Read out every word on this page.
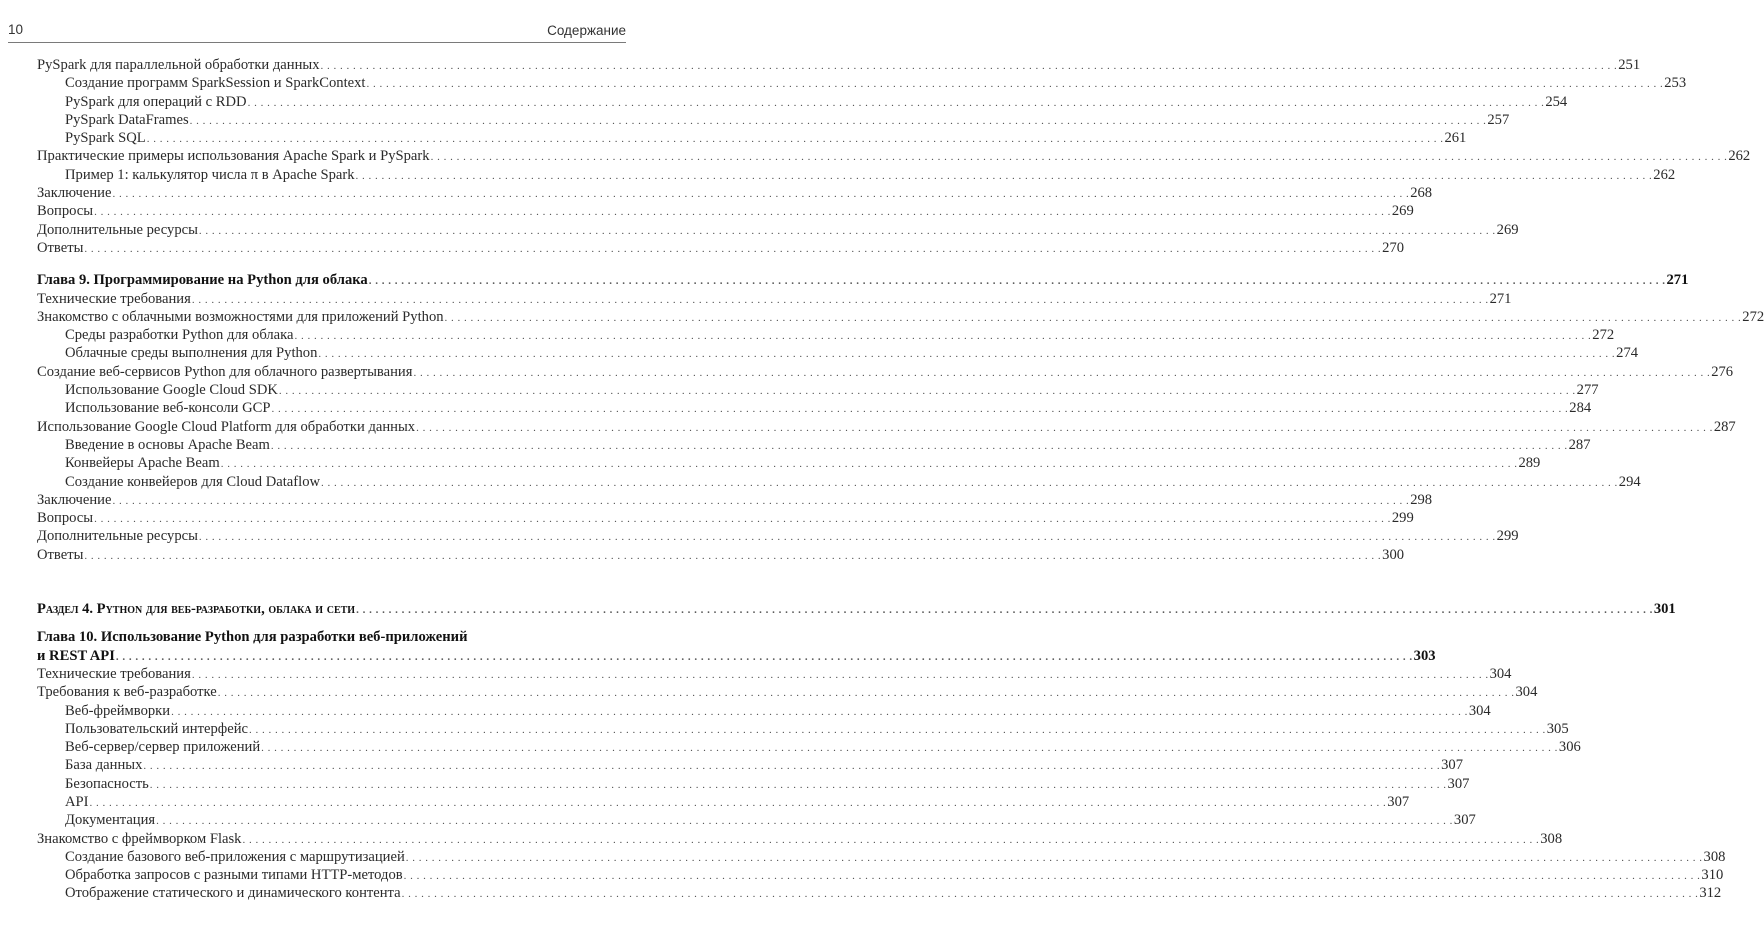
10	Содержание
PySpark для параллельной обработки данных . . . . . . . . . . . . . . . . . . . . . . . . . . . . . . . . . . . . . . . . . . . . . . . . . . . . . . . . . . . . . . . . . . . . . . . . . . . . . . . . . . . . . . . . . . . . . . . . . . . . . . . . . . . . . . . . . . . . . . . . . . . . . . . . . . . . . . . . . . . . . . . . . . . . . . . . . . . . . . . . . . . . . . . . . . . . . . . . . . . . . . . . . . . . . . . . . . . . . . . . 251
Создание программ SparkSession и SparkContext . . . . . . . . . . . . . . . . . . . . . . . . . . . . . . . . . . . . . . . . . . . . . . . . . . . . . . . . . . . . . . . . . . . . . . . . . . . . . . . . . . . . . . . . . . . . . . . . . . . . . . . . . . . . . . . . . . . . . . . . . . . . . . . . . . . . . . . . . . . . . . . . . . . . . . . . . . . . . . . . . . . . . . . . . . . . . . . . . . . . . . . . . . . . . . . . . . . . . . . . 253
PySpark для операций с RDD . . . . . . . . . . . . . . . . . . . . . . . . . . . . . . . . . . . . . . . . . . . . . . . . . . . . . . . . . . . . . . . . . . . . . . . . . . . . . . . . . . . . . . . . . . . . . . . . . . . . . . . . . . . . . . . . . . . . . . . . . . . . . . . . . . . . . . . . . . . . . . . . . . . . . . . . . . . . . . . . . . . . . . . . . . . . . . . . . . . . . . . . . . . . . . . . . . . . . . . . 254
PySpark DataFrames . . . . . . . . . . . . . . . . . . . . . . . . . . . . . . . . . . . . . . . . . . . . . . . . . . . . . . . . . . . . . . . . . . . . . . . . . . . . . . . . . . . . . . . . . . . . . . . . . . . . . . . . . . . . . . . . . . . . . . . . . . . . . . . . . . . . . . . . . . . . . . . . . . . . . . . . . . . . . . . . . . . . . . . . . . . . . . . . . . . . . . . . . . . . . . . . . . . . . . . . 257
PySpark SQL . . . . . . . . . . . . . . . . . . . . . . . . . . . . . . . . . . . . . . . . . . . . . . . . . . . . . . . . . . . . . . . . . . . . . . . . . . . . . . . . . . . . . . . . . . . . . . . . . . . . . . . . . . . . . . . . . . . . . . . . . . . . . . . . . . . . . . . . . . . . . . . . . . . . . . . . . . . . . . . . . . . . . . . . . . . . . . . . . . . . . . . . . . . . . . . . . . . . . . . . 261
Практические примеры использования Apache Spark и PySpark . . . . . . . . . . . . . . . . . . . . . . . . . . . . . . . . . . . . . . . . . . . . . . . . . . . . . . . . . . . . . . . . . . . . . . . . . . . . . . . . . . . . . . . . . . . . . . . . . . . . . . . . . . . . . . . . . . . . . . . . . . . . . . . . . . . . . . . . . . . . . . . . . . . . . . . . . . . . . . . . . . . . . . . . . . . . . . . . . . . . . . . . . . . . . . . . . . . . . . . . 262
Пример 1: калькулятор числа π в Apache Spark . . . . . . . . . . . . . . . . . . . . . . . . . . . . . . . . . . . . . . . . . . . . . . . . . . . . . . . . . . . . . . . . . . . . . . . . . . . . . . . . . . . . . . . . . . . . . . . . . . . . . . . . . . . . . . . . . . . . . . . . . . . . . . . . . . . . . . . . . . . . . . . . . . . . . . . . . . . . . . . . . . . . . . . . . . . . . . . . . . . . . . . . . . . . . . . . . . . . . . . . 262
Заключение . . . . . . . . . . . . . . . . . . . . . . . . . . . . . . . . . . . . . . . . . . . . . . . . . . . . . . . . . . . . . . . . . . . . . . . . . . . . . . . . . . . . . . . . . . . . . . . . . . . . . . . . . . . . . . . . . . . . . . . . . . . . . . . . . . . . . . . . . . . . . . . . . . . . . . . . . . . . . . . . . . . . . . . . . . . . . . . . . . . . . . . . . . . . . . . . . . . . . . . . 268
Вопросы . . . . . . . . . . . . . . . . . . . . . . . . . . . . . . . . . . . . . . . . . . . . . . . . . . . . . . . . . . . . . . . . . . . . . . . . . . . . . . . . . . . . . . . . . . . . . . . . . . . . . . . . . . . . . . . . . . . . . . . . . . . . . . . . . . . . . . . . . . . . . . . . . . . . . . . . . . . . . . . . . . . . . . . . . . . . . . . . . . . . . . . . . . . . . . . . . . . . . . . . 269
Дополнительные ресурсы . . . . . . . . . . . . . . . . . . . . . . . . . . . . . . . . . . . . . . . . . . . . . . . . . . . . . . . . . . . . . . . . . . . . . . . . . . . . . . . . . . . . . . . . . . . . . . . . . . . . . . . . . . . . . . . . . . . . . . . . . . . . . . . . . . . . . . . . . . . . . . . . . . . . . . . . . . . . . . . . . . . . . . . . . . . . . . . . . . . . . . . . . . . . . . . . . . . . . . . . 269
Ответы . . . . . . . . . . . . . . . . . . . . . . . . . . . . . . . . . . . . . . . . . . . . . . . . . . . . . . . . . . . . . . . . . . . . . . . . . . . . . . . . . . . . . . . . . . . . . . . . . . . . . . . . . . . . . . . . . . . . . . . . . . . . . . . . . . . . . . . . . . . . . . . . . . . . . . . . . . . . . . . . . . . . . . . . . . . . . . . . . . . . . . . . . . . . . . . . . . . . . . . . 270
Глава 9. Программирование на Python для облака . . . . . . . . . . . . . . . . . . . . . . . . . . . . . . . . . . . . . . . . . . . . . . . . . . . . . . . . . . . . . . . . . . . . . . . . . . . . . . . . . . . . . . . . . . . . . . . . . . . . . . . . . . . . . . . . . . . . . . . . . . . . . . . . . . . . . . . . . . . . . . . . . . . . . . . . . . . . . . . . . . . . . . . . . . . . . . . . . . . . . . . . . . . . . . . . . . . . . . . . 271
Технические требования . . . . . . . . . . . . . . . . . . . . . . . . . . . . . . . . . . . . . . . . . . . . . . . . . . . . . . . . . . . . . . . . . . . . . . . . . . . . . . . . . . . . . . . . . . . . . . . . . . . . . . . . . . . . . . . . . . . . . . . . . . . . . . . . . . . . . . . . . . . . . . . . . . . . . . . . . . . . . . . . . . . . . . . . . . . . . . . . . . . . . . . . . . . . . . . . . . . . . . . . 271
Знакомство с облачными возможностями для приложений Python . . . . . . . . . . . . . . . . . . . . . . . . . . . . . . . . . . . . . . . . . . . . . . . . . . . . . . . . . . . . . . . . . . . . . . . . . . . . . . . . . . . . . . . . . . . . . . . . . . . . . . . . . . . . . . . . . . . . . . . . . . . . . . . . . . . . . . . . . . . . . . . . . . . . . . . . . . . . . . . . . . . . . . . . . . . . . . . . . . . . . . . . . . . . . . . . . . . . . . . . 272
Среды разработки Python для облака . . . . . . . . . . . . . . . . . . . . . . . . . . . . . . . . . . . . . . . . . . . . . . . . . . . . . . . . . . . . . . . . . . . . . . . . . . . . . . . . . . . . . . . . . . . . . . . . . . . . . . . . . . . . . . . . . . . . . . . . . . . . . . . . . . . . . . . . . . . . . . . . . . . . . . . . . . . . . . . . . . . . . . . . . . . . . . . . . . . . . . . . . . . . . . . . . . . . . . . . 272
Облачные среды выполнения для Python . . . . . . . . . . . . . . . . . . . . . . . . . . . . . . . . . . . . . . . . . . . . . . . . . . . . . . . . . . . . . . . . . . . . . . . . . . . . . . . . . . . . . . . . . . . . . . . . . . . . . . . . . . . . . . . . . . . . . . . . . . . . . . . . . . . . . . . . . . . . . . . . . . . . . . . . . . . . . . . . . . . . . . . . . . . . . . . . . . . . . . . . . . . . . . . . . . . . . . . . 274
Создание веб-сервисов Python для облачного развертывания . . . . . . . . . . . . . . . . . . . . . . . . . . . . . . . . . . . . . . . . . . . . . . . . . . . . . . . . . . . . . . . . . . . . . . . . . . . . . . . . . . . . . . . . . . . . . . . . . . . . . . . . . . . . . . . . . . . . . . . . . . . . . . . . . . . . . . . . . . . . . . . . . . . . . . . . . . . . . . . . . . . . . . . . . . . . . . . . . . . . . . . . . . . . . . . . . . . . . . . . 276
Использование Google Cloud SDK . . . . . . . . . . . . . . . . . . . . . . . . . . . . . . . . . . . . . . . . . . . . . . . . . . . . . . . . . . . . . . . . . . . . . . . . . . . . . . . . . . . . . . . . . . . . . . . . . . . . . . . . . . . . . . . . . . . . . . . . . . . . . . . . . . . . . . . . . . . . . . . . . . . . . . . . . . . . . . . . . . . . . . . . . . . . . . . . . . . . . . . . . . . . . . . . . . . . . . . . 277
Использование веб-консоли GCP . . . . . . . . . . . . . . . . . . . . . . . . . . . . . . . . . . . . . . . . . . . . . . . . . . . . . . . . . . . . . . . . . . . . . . . . . . . . . . . . . . . . . . . . . . . . . . . . . . . . . . . . . . . . . . . . . . . . . . . . . . . . . . . . . . . . . . . . . . . . . . . . . . . . . . . . . . . . . . . . . . . . . . . . . . . . . . . . . . . . . . . . . . . . . . . . . . . . . . . . 284
Использование Google Cloud Platform для обработки данных . . . . . . . . . . . . . . . . . . . . . . . . . . . . . . . . . . . . . . . . . . . . . . . . . . . . . . . . . . . . . . . . . . . . . . . . . . . . . . . . . . . . . . . . . . . . . . . . . . . . . . . . . . . . . . . . . . . . . . . . . . . . . . . . . . . . . . . . . . . . . . . . . . . . . . . . . . . . . . . . . . . . . . . . . . . . . . . . . . . . . . . . . . . . . . . . . . . . . . . . 287
Введение в основы Apache Beam . . . . . . . . . . . . . . . . . . . . . . . . . . . . . . . . . . . . . . . . . . . . . . . . . . . . . . . . . . . . . . . . . . . . . . . . . . . . . . . . . . . . . . . . . . . . . . . . . . . . . . . . . . . . . . . . . . . . . . . . . . . . . . . . . . . . . . . . . . . . . . . . . . . . . . . . . . . . . . . . . . . . . . . . . . . . . . . . . . . . . . . . . . . . . . . . . . . . . . . . 287
Конвейеры Apache Beam . . . . . . . . . . . . . . . . . . . . . . . . . . . . . . . . . . . . . . . . . . . . . . . . . . . . . . . . . . . . . . . . . . . . . . . . . . . . . . . . . . . . . . . . . . . . . . . . . . . . . . . . . . . . . . . . . . . . . . . . . . . . . . . . . . . . . . . . . . . . . . . . . . . . . . . . . . . . . . . . . . . . . . . . . . . . . . . . . . . . . . . . . . . . . . . . . . . . . . . . 289
Создание конвейеров для Cloud Dataflow . . . . . . . . . . . . . . . . . . . . . . . . . . . . . . . . . . . . . . . . . . . . . . . . . . . . . . . . . . . . . . . . . . . . . . . . . . . . . . . . . . . . . . . . . . . . . . . . . . . . . . . . . . . . . . . . . . . . . . . . . . . . . . . . . . . . . . . . . . . . . . . . . . . . . . . . . . . . . . . . . . . . . . . . . . . . . . . . . . . . . . . . . . . . . . . . . . . . . . . . 294
Заключение . . . . . . . . . . . . . . . . . . . . . . . . . . . . . . . . . . . . . . . . . . . . . . . . . . . . . . . . . . . . . . . . . . . . . . . . . . . . . . . . . . . . . . . . . . . . . . . . . . . . . . . . . . . . . . . . . . . . . . . . . . . . . . . . . . . . . . . . . . . . . . . . . . . . . . . . . . . . . . . . . . . . . . . . . . . . . . . . . . . . . . . . . . . . . . . . . . . . . . . . 298
Вопросы . . . . . . . . . . . . . . . . . . . . . . . . . . . . . . . . . . . . . . . . . . . . . . . . . . . . . . . . . . . . . . . . . . . . . . . . . . . . . . . . . . . . . . . . . . . . . . . . . . . . . . . . . . . . . . . . . . . . . . . . . . . . . . . . . . . . . . . . . . . . . . . . . . . . . . . . . . . . . . . . . . . . . . . . . . . . . . . . . . . . . . . . . . . . . . . . . . . . . . . . 299
Дополнительные ресурсы . . . . . . . . . . . . . . . . . . . . . . . . . . . . . . . . . . . . . . . . . . . . . . . . . . . . . . . . . . . . . . . . . . . . . . . . . . . . . . . . . . . . . . . . . . . . . . . . . . . . . . . . . . . . . . . . . . . . . . . . . . . . . . . . . . . . . . . . . . . . . . . . . . . . . . . . . . . . . . . . . . . . . . . . . . . . . . . . . . . . . . . . . . . . . . . . . . . . . . . . 299
Ответы . . . . . . . . . . . . . . . . . . . . . . . . . . . . . . . . . . . . . . . . . . . . . . . . . . . . . . . . . . . . . . . . . . . . . . . . . . . . . . . . . . . . . . . . . . . . . . . . . . . . . . . . . . . . . . . . . . . . . . . . . . . . . . . . . . . . . . . . . . . . . . . . . . . . . . . . . . . . . . . . . . . . . . . . . . . . . . . . . . . . . . . . . . . . . . . . . . . . . . . . 300
Раздел 4. Python для веб-разработки, облака и сети . . . . . . . . . . . . . . . . . . . . . . . . . . . . . . . . . . . . . . . . . . . . . . . . . . . . . . . . . . . . . . . . . . . . . . . . . . . . . . . . . . . . . . . . . . . . . . . . . . . . . . . . . . . . . . . . . . . . . . . . . . . . . . . . . . . . . . . . . . . . . . . . . . . . . . . . . . . . . . . . . . . . . . . . . . . . . . . . . . . . . . . . . . . . . . . . . . . . . . . . 301
Глава 10. Использование Python для разработки веб-приложений
и REST API . . . . . . . . . . . . . . . . . . . . . . . . . . . . . . . . . . . . . . . . . . . . . . . . . . . . . . . . . . . . . . . . . . . . . . . . . . . . . . . . . . . . . . . . . . . . . . . . . . . . . . . . . . . . . . . . . . . . . . . . . . . . . . . . . . . . . . . . . . . . . . . . . . . . . . . . . . . . . . . . . . . . . . . . . . . . . . . . . . . . . . . . . . . . . . . . . . . . . . . . 303
Технические требования . . . . . . . . . . . . . . . . . . . . . . . . . . . . . . . . . . . . . . . . . . . . . . . . . . . . . . . . . . . . . . . . . . . . . . . . . . . . . . . . . . . . . . . . . . . . . . . . . . . . . . . . . . . . . . . . . . . . . . . . . . . . . . . . . . . . . . . . . . . . . . . . . . . . . . . . . . . . . . . . . . . . . . . . . . . . . . . . . . . . . . . . . . . . . . . . . . . . . . . . 304
Требования к веб-разработке . . . . . . . . . . . . . . . . . . . . . . . . . . . . . . . . . . . . . . . . . . . . . . . . . . . . . . . . . . . . . . . . . . . . . . . . . . . . . . . . . . . . . . . . . . . . . . . . . . . . . . . . . . . . . . . . . . . . . . . . . . . . . . . . . . . . . . . . . . . . . . . . . . . . . . . . . . . . . . . . . . . . . . . . . . . . . . . . . . . . . . . . . . . . . . . . . . . . . . . . 304
Веб-фреймворки . . . . . . . . . . . . . . . . . . . . . . . . . . . . . . . . . . . . . . . . . . . . . . . . . . . . . . . . . . . . . . . . . . . . . . . . . . . . . . . . . . . . . . . . . . . . . . . . . . . . . . . . . . . . . . . . . . . . . . . . . . . . . . . . . . . . . . . . . . . . . . . . . . . . . . . . . . . . . . . . . . . . . . . . . . . . . . . . . . . . . . . . . . . . . . . . . . . . . . . . 304
Пользовательский интерфейс . . . . . . . . . . . . . . . . . . . . . . . . . . . . . . . . . . . . . . . . . . . . . . . . . . . . . . . . . . . . . . . . . . . . . . . . . . . . . . . . . . . . . . . . . . . . . . . . . . . . . . . . . . . . . . . . . . . . . . . . . . . . . . . . . . . . . . . . . . . . . . . . . . . . . . . . . . . . . . . . . . . . . . . . . . . . . . . . . . . . . . . . . . . . . . . . . . . . . . . . 305
Веб-сервер/сервер приложений . . . . . . . . . . . . . . . . . . . . . . . . . . . . . . . . . . . . . . . . . . . . . . . . . . . . . . . . . . . . . . . . . . . . . . . . . . . . . . . . . . . . . . . . . . . . . . . . . . . . . . . . . . . . . . . . . . . . . . . . . . . . . . . . . . . . . . . . . . . . . . . . . . . . . . . . . . . . . . . . . . . . . . . . . . . . . . . . . . . . . . . . . . . . . . . . . . . . . . . . 306
База данных . . . . . . . . . . . . . . . . . . . . . . . . . . . . . . . . . . . . . . . . . . . . . . . . . . . . . . . . . . . . . . . . . . . . . . . . . . . . . . . . . . . . . . . . . . . . . . . . . . . . . . . . . . . . . . . . . . . . . . . . . . . . . . . . . . . . . . . . . . . . . . . . . . . . . . . . . . . . . . . . . . . . . . . . . . . . . . . . . . . . . . . . . . . . . . . . . . . . . . . . 307
Безопасность . . . . . . . . . . . . . . . . . . . . . . . . . . . . . . . . . . . . . . . . . . . . . . . . . . . . . . . . . . . . . . . . . . . . . . . . . . . . . . . . . . . . . . . . . . . . . . . . . . . . . . . . . . . . . . . . . . . . . . . . . . . . . . . . . . . . . . . . . . . . . . . . . . . . . . . . . . . . . . . . . . . . . . . . . . . . . . . . . . . . . . . . . . . . . . . . . . . . . . . . 307
API . . . . . . . . . . . . . . . . . . . . . . . . . . . . . . . . . . . . . . . . . . . . . . . . . . . . . . . . . . . . . . . . . . . . . . . . . . . . . . . . . . . . . . . . . . . . . . . . . . . . . . . . . . . . . . . . . . . . . . . . . . . . . . . . . . . . . . . . . . . . . . . . . . . . . . . . . . . . . . . . . . . . . . . . . . . . . . . . . . . . . . . . . . . . . . . . . . . . . . . . 307
Документация . . . . . . . . . . . . . . . . . . . . . . . . . . . . . . . . . . . . . . . . . . . . . . . . . . . . . . . . . . . . . . . . . . . . . . . . . . . . . . . . . . . . . . . . . . . . . . . . . . . . . . . . . . . . . . . . . . . . . . . . . . . . . . . . . . . . . . . . . . . . . . . . . . . . . . . . . . . . . . . . . . . . . . . . . . . . . . . . . . . . . . . . . . . . . . . . . . . . . . . . 307
Знакомство с фреймворком Flask . . . . . . . . . . . . . . . . . . . . . . . . . . . . . . . . . . . . . . . . . . . . . . . . . . . . . . . . . . . . . . . . . . . . . . . . . . . . . . . . . . . . . . . . . . . . . . . . . . . . . . . . . . . . . . . . . . . . . . . . . . . . . . . . . . . . . . . . . . . . . . . . . . . . . . . . . . . . . . . . . . . . . . . . . . . . . . . . . . . . . . . . . . . . . . . . . . . . . . . . 308
Создание базового веб-приложения с маршрутизацией . . . . . . . . . . . . . . . . . . . . . . . . . . . . . . . . . . . . . . . . . . . . . . . . . . . . . . . . . . . . . . . . . . . . . . . . . . . . . . . . . . . . . . . . . . . . . . . . . . . . . . . . . . . . . . . . . . . . . . . . . . . . . . . . . . . . . . . . . . . . . . . . . . . . . . . . . . . . . . . . . . . . . . . . . . . . . . . . . . . . . . . . . . . . . . . . . . . . . . . . 308
Обработка запросов с разными типами HTTP-методов . . . . . . . . . . . . . . . . . . . . . . . . . . . . . . . . . . . . . . . . . . . . . . . . . . . . . . . . . . . . . . . . . . . . . . . . . . . . . . . . . . . . . . . . . . . . . . . . . . . . . . . . . . . . . . . . . . . . . . . . . . . . . . . . . . . . . . . . . . . . . . . . . . . . . . . . . . . . . . . . . . . . . . . . . . . . . . . . . . . . . . . . . . . . . . . . . . . . . . . . 310
Отображение статического и динамического контента . . . . . . . . . . . . . . . . . . . . . . . . . . . . . . . . . . . . . . . . . . . . . . . . . . . . . . . . . . . . . . . . . . . . . . . . . . . . . . . . . . . . . . . . . . . . . . . . . . . . . . . . . . . . . . . . . . . . . . . . . . . . . . . . . . . . . . . . . . . . . . . . . . . . . . . . . . . . . . . . . . . . . . . . . . . . . . . . . . . . . . . . . . . . . . . . . . . . . . . . 312
